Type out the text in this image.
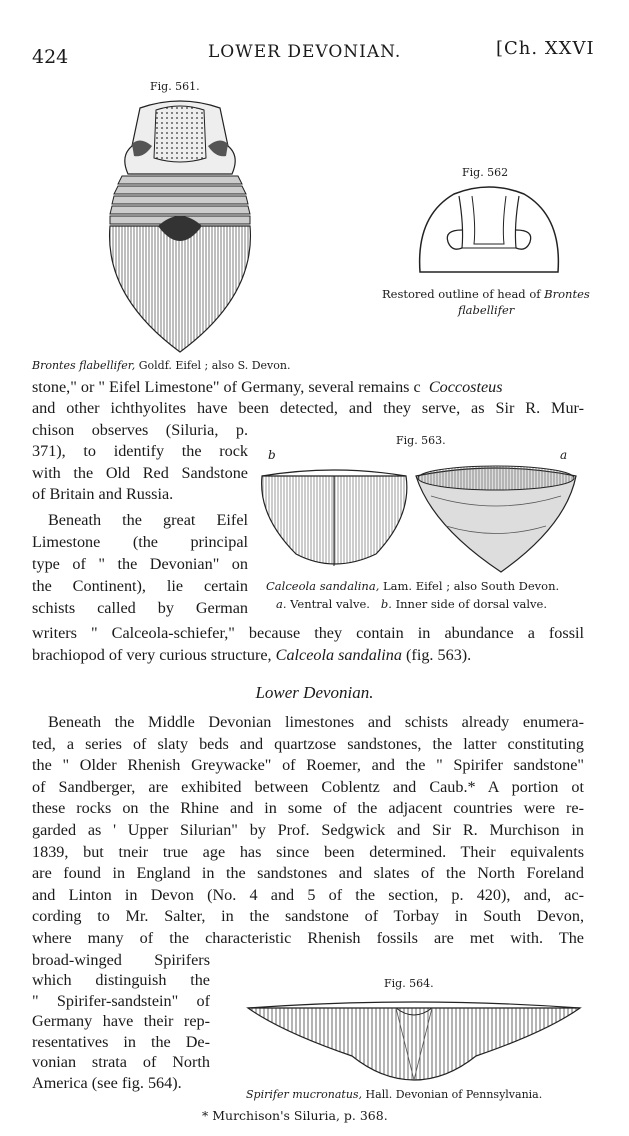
424	LOWER DEVONIAN.	[Ch. XXVI
Fig. 561.
Brontes flabellifer, Goldf. Eifel ; also S. Devon.
Fig. 562
Restored outline of head of Brontes
flabellifer
stone," or " Eifel Limestone" of Germany, several remains c Coccosteus
and other ichthyolites have been detected, and they serve, as Sir R. Mur-
chison observes (Siluria, p.
371), to identify the rock
with the Old Red Sandstone
of Britain and Russia.
Beneath the great Eifel
Limestone (the principal
type of " the Devonian" on
the Continent), lie certain
schists called by German
writers " Calceola-schiefer," because they contain in abundance a fossil
brachiopod of very curious structure, Calceola sandalina (fig. 563).
Fig. 563.
b	a
Calceola sandalina, Lam. Eifel ; also South Devon.
a. Ventral valve. b. Inner side of dorsal valve.
Lower Devonian.
Beneath the Middle Devonian limestones and schists already enumera-
ted, a series of slaty beds and quartzose sandstones, the latter constituting
the " Older Rhenish Greywacke" of Roemer, and the " Spirifer sandstone"
of Sandberger, are exhibited between Coblentz and Caub.* A portion ot
these rocks on the Rhine and in some of the adjacent countries were re-
garded as ' Upper Silurian" by Prof. Sedgwick and Sir R. Murchison in
1839, but tneir true age has since been determined. Their equivalents
are found in England in the sandstones and slates of the North Foreland
and Linton in Devon (No. 4 and 5 of the section, p. 420), and, ac-
cording to Mr. Salter, in the sandstone of Torbay in South Devon,
where many of the characteristic Rhenish fossils are met with. The
broad-winged Spirifers
which distinguish the
" Spirifer-sandstein" of
Germany have their rep-
resentatives in the De-
vonian strata of North
America (see fig. 564).
Fig. 564.
Spirifer mucronatus, Hall. Devonian of Pennsylvania.
* Murchison's Siluria, p. 368.
